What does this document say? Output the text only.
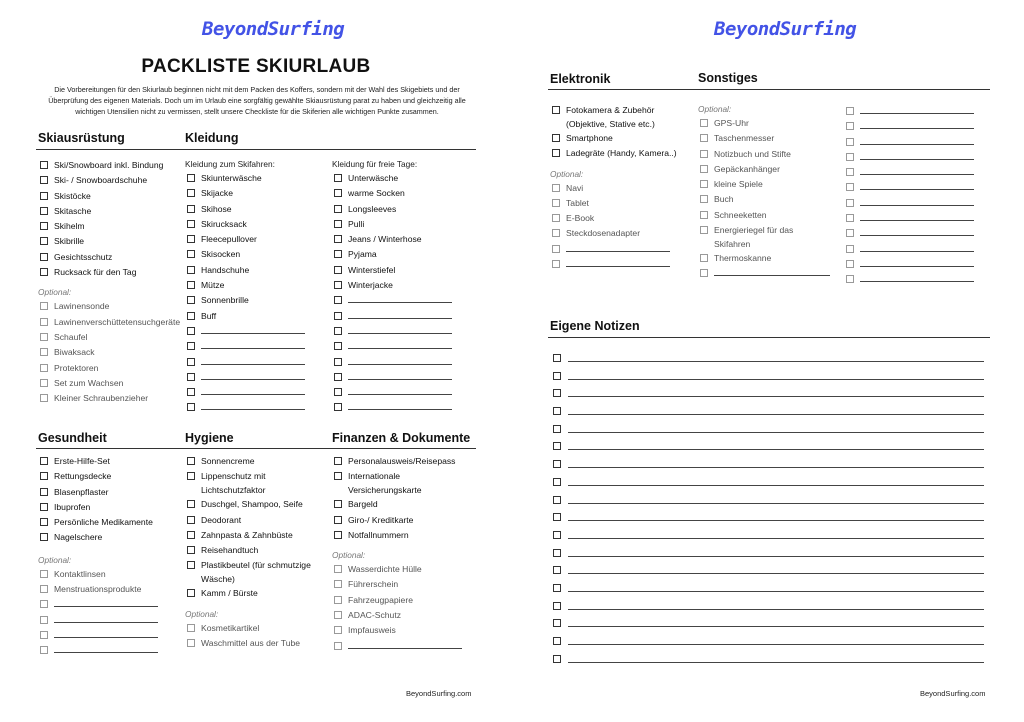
BeyondSurfing
PACKLISTE SKIURLAUB
Die Vorbereitungen für den Skiurlaub beginnen nicht mit dem Packen des Koffers, sondern mit der Wahl des Skigebiets und der Überprüfung des eigenen Materials. Doch um im Urlaub eine sorgfältig gewählte Skiausrüstung parat zu haben und gleichzeitig alle wichtigen Utensilien nicht zu vermissen, stellt unsere Checkliste für die Skiferien alle wichtigen Punkte zusammen.
Skiausrüstung
Ski/Snowboard inkl. Bindung
Ski- / Snowboardschuhe
Skistöcke
Skitasche
Skihelm
Skibrille
Gesichtsschutz
Rucksack für den Tag
Optional:
Lawinensonde
Lawinenverschüttetensuchgeräte
Schaufel
Biwaksack
Protektoren
Set zum Wachsen
Kleiner Schraubenzieher
Kleidung
Kleidung zum Skifahren:
Skiunterwäsche
Skijacke
Skihose
Skirucksack
Fleecepullover
Skisocken
Handschuhe
Mütze
Sonnenbrille
Buff
Kleidung für freie Tage:
Unterwäsche
warme Socken
Longsleeves
Pulli
Jeans / Winterhose
Pyjama
Winterstiefel
Winterjacke
Gesundheit	Hygiene	Finanzen & Dokumente
Erste-Hilfe-Set
Rettungsdecke
Blasenpflaster
Ibuprofen
Persönliche Medikamente
Nagelschere
Optional:
Kontaktlinsen
Menstruationsprodukte
Sonnencreme
Lippenschutz mit Lichtschutzfaktor
Duschgel, Shampoo, Seife
Deodorant
Zahnpasta & Zahnbüste
Reisehandtuch
Plastikbeutel (für schmutzige Wäsche)
Kamm / Bürste
Optional:
Kosmetikartikel
Waschmittel aus der Tube
Personalausweis/Reisepass
Internationale Versicherungskarte
Bargeld
Giro-/ Kreditkarte
Notfallnummern
Optional:
Wasserdichte Hülle
Führerschein
Fahrzeugpapiere
ADAC-Schutz
Impfausweis
BeyondSurfing.com
BeyondSurfing
Elektronik	Sonstiges
Fotokamera & Zubehör (Objektive, Stative etc.)
Smartphone
Ladegräte (Handy, Kamera..)
Optional:
Navi
Tablet
E-Book
Steckdosenadapter
Optional:
GPS-Uhr
Taschenmesser
Notizbuch und Stifte
Gepäckanhänger
kleine Spiele
Buch
Schneeketten
Energieriegel für das Skifahren
Thermoskanne
Eigene Notizen
BeyondSurfing.com
